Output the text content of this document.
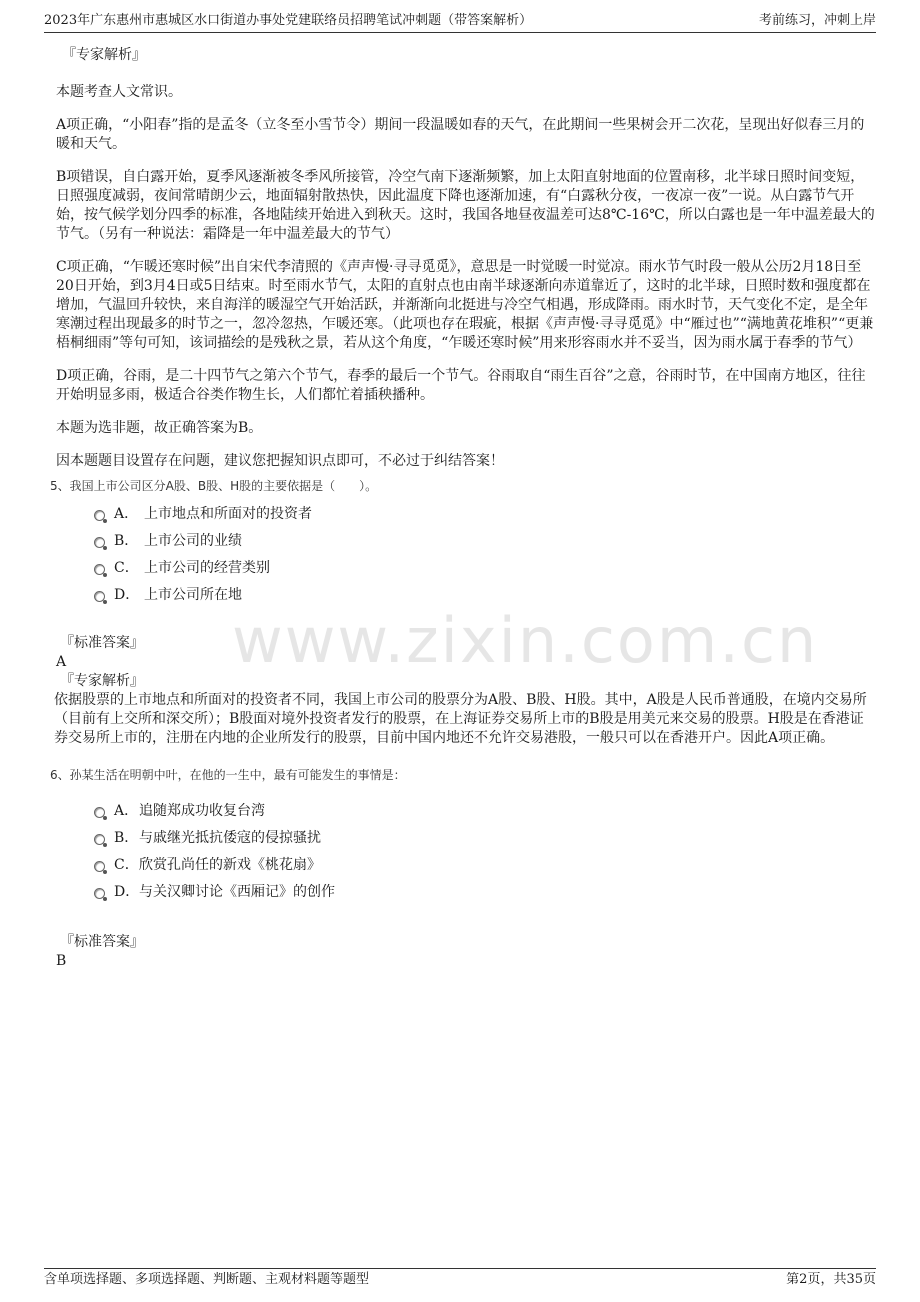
2023年广东惠州市惠城区水口街道办事处党建联络员招聘笔试冲刺题（带答案解析）	考前练习，冲刺上岸
www.zixin.com.cn
『专家解析』

本题考查人文常识。

A项正确，“小阳春”指的是孟冬（立冬至小雪节令）期间一段温暖如春的天气，在此期间一些果树会开二次花，呈现出好似春三月的暖和天气。

B项错误，自白露开始，夏季风逐渐被冬季风所接管，冷空气南下逐渐频繁，加上太阳直射地面的位置南移，北半球日照时间变短，日照强度减弱，夜间常晴朗少云，地面辐射散热快，因此温度下降也逐渐加速，有“白露秋分夜，一夜凉一夜”一说。从白露节气开始，按气候学划分四季的标准，各地陆续开始进入到秋天。这时，我国各地昼夜温差可达8℃-16℃，所以白露也是一年中温差最大的节气。（另有一种说法：霜降是一年中温差最大的节气）

C项正确，“乍暖还寒时候”出自宋代李清照的《声声慢·寻寻觅觅》，意思是一时觉暖一时觉凉。雨水节气时段一般从公历2月18日至20日开始，到3月4日或5日结束。时至雨水节气，太阳的直射点也由南半球逐渐向赤道靠近了，这时的北半球，日照时数和强度都在增加，气温回升较快，来自海洋的暖湿空气开始活跃，并渐渐向北挺进与冷空气相遇，形成降雨。雨水时节，天气变化不定，是全年寒潮过程出现最多的时节之一，忽冷忽热，乍暖还寒。（此项也存在瑕疵，根据《声声慢·寻寻觅觅》中“雁过也”“满地黄花堆积”“更兼梧桐细雨”等句可知，该词描绘的是残秋之景，若从这个角度，“乍暖还寒时候”用来形容雨水并不妥当，因为雨水属于春季的节气）

D项正确，谷雨，是二十四节气之第六个节气，春季的最后一个节气。谷雨取自“雨生百谷”之意，谷雨时节，在中国南方地区，往往开始明显多雨，极适合谷类作物生长，人们都忙着插秧播种。

本题为选非题，故正确答案为B。

因本题题目设置存在问题，建议您把握知识点即可，不必过于纠结答案！

5、我国上市公司区分A股、B股、H股的主要依据是（　　）。
A． 上市地点和所面对的投资者
B． 上市公司的业绩
C． 上市公司的经营类别
D． 上市公司所在地
『标准答案』
A
『专家解析』

依据股票的上市地点和所面对的投资者不同，我国上市公司的股票分为A股、B股、H股。其中，A股是人民币普通股，在境内交易所（目前有上交所和深交所）；B股面对境外投资者发行的股票，在上海证券交易所上市的B股是用美元来交易的股票。H股是在香港证券交易所上市的，注册在内地的企业所发行的股票，目前中国内地还不允许交易港股，一般只可以在香港开户。因此A项正确。

6、孙某生活在明朝中叶，在他的一生中，最有可能发生的事情是：
A． 追随郑成功收复台湾
B． 与戚继光抵抗倭寇的侵掠骚扰
C． 欣赏孔尚任的新戏《桃花扇》
D． 与关汉卿讨论《西厢记》的创作
『标准答案』
B
含单项选择题、多项选择题、判断题、主观材料题等题型	第2页，共35页
